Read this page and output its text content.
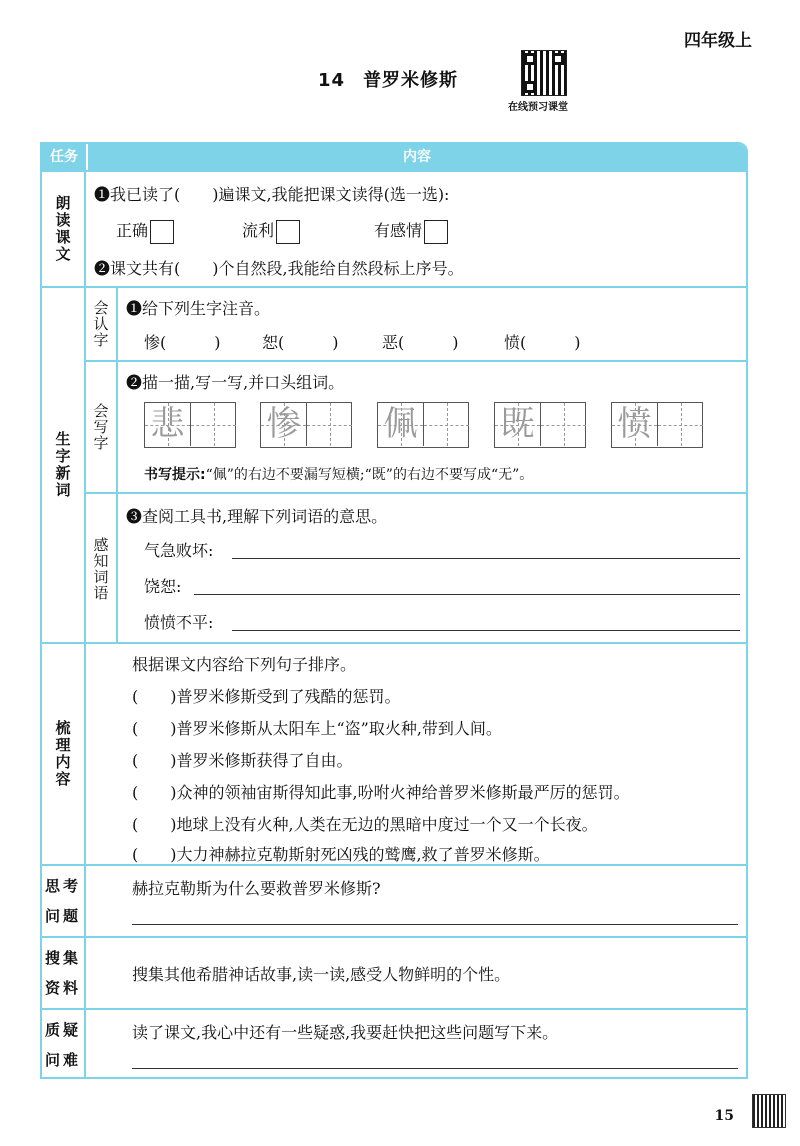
四年级上
14 普罗米修斯
在线预习课堂
任务	内容
朗读课文
❶我已读了(　　)遍课文,我能把课文读得(选一选):
正确	流利	有感情
❷课文共有(　　)个自然段,我能给自然段标上序号。
生字新词
会认字 ❶给下列生字注音。
惨(　　　)	恕(　　　)	恶(　　　)	愤(　　　)
会写字
❷描一描,写一写,并口头组词。
悲 惨 佩 既 愤
书写提示:“佩”的右边不要漏写短横;“既”的右边不要写成“无”。
感知词语
❸查阅工具书,理解下列词语的意思。
气急败坏:
饶恕:
愤愤不平:
梳理内容
根据课文内容给下列句子排序。
(　　)普罗米修斯受到了残酷的惩罚。
(　　)普罗米修斯从太阳车上“盗”取火种,带到人间。
(　　)普罗米修斯获得了自由。
(　　)众神的领袖宙斯得知此事,吩咐火神给普罗米修斯最严厉的惩罚。
(　　)地球上没有火种,人类在无边的黑暗中度过一个又一个长夜。
(　　)大力神赫拉克勒斯射死凶残的鹫鹰,救了普罗米修斯。
思考问题
赫拉克勒斯为什么要救普罗米修斯?
搜集资料
搜集其他希腊神话故事,读一读,感受人物鲜明的个性。
质疑问难
读了课文,我心中还有一些疑惑,我要赶快把这些问题写下来。
15
